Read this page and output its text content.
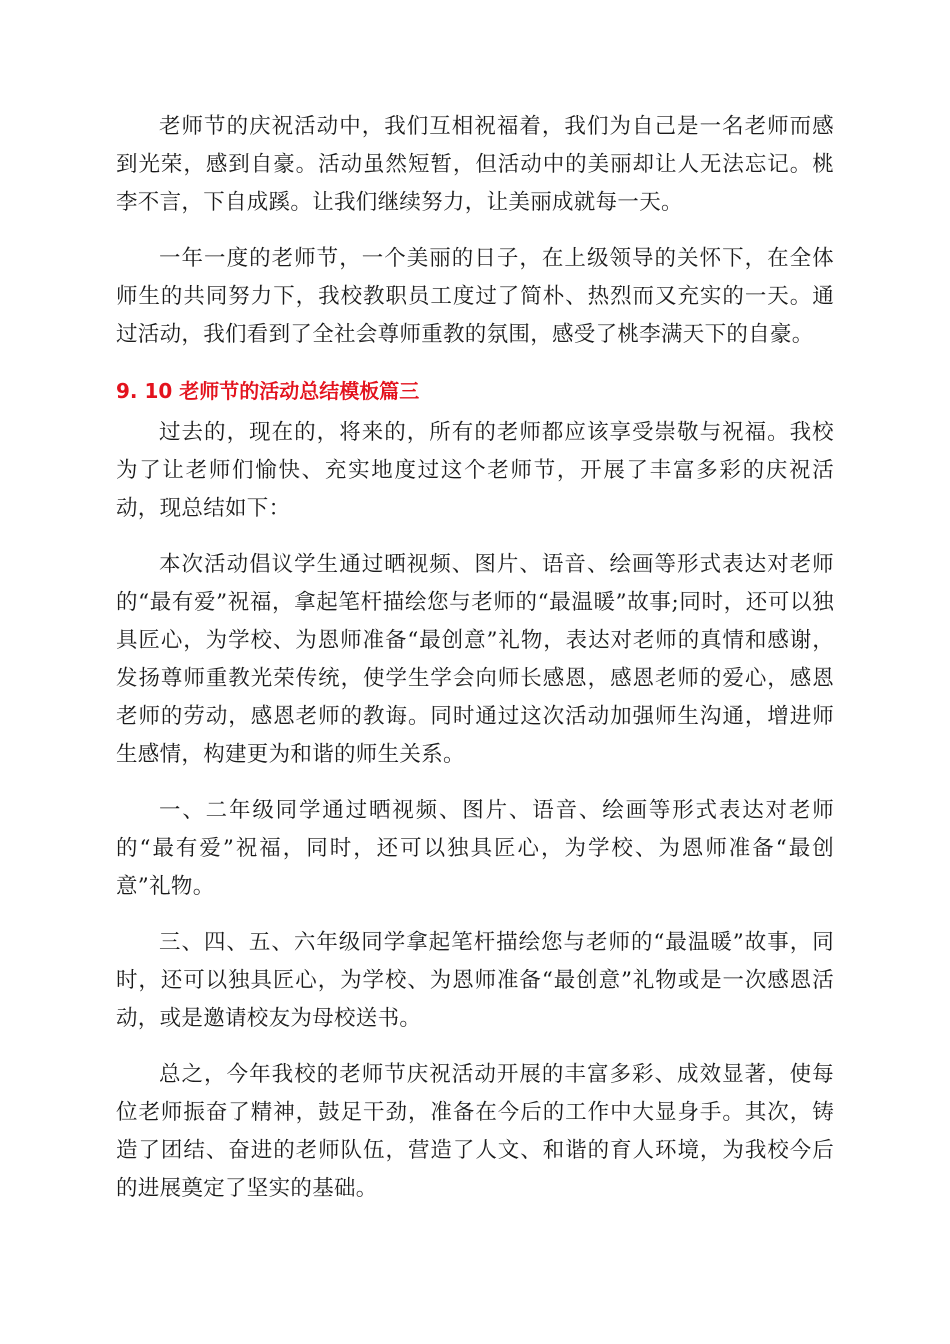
老师节的庆祝活动中，我们互相祝福着，我们为自己是一名老师而感到光荣，感到自豪。活动虽然短暂，但活动中的美丽却让人无法忘记。桃李不言，下自成蹊。让我们继续努力，让美丽成就每一天。

一年一度的老师节，一个美丽的日子，在上级领导的关怀下，在全体师生的共同努力下，我校教职员工度过了简朴、热烈而又充实的一天。通过活动，我们看到了全社会尊师重教的氛围，感受了桃李满天下的自豪。

9. 10 老师节的活动总结模板篇三

过去的，现在的，将来的，所有的老师都应该享受崇敬与祝福。我校为了让老师们愉快、充实地度过这个老师节，开展了丰富多彩的庆祝活动，现总结如下：

本次活动倡议学生通过晒视频、图片、语音、绘画等形式表达对老师的“最有爱”祝福，拿起笔杆描绘您与老师的“最温暖”故事;同时，还可以独具匠心，为学校、为恩师准备“最创意”礼物，表达对老师的真情和感谢，发扬尊师重教光荣传统，使学生学会向师长感恩，感恩老师的爱心，感恩老师的劳动，感恩老师的教诲。同时通过这次活动加强师生沟通，增进师生感情，构建更为和谐的师生关系。

一、二年级同学通过晒视频、图片、语音、绘画等形式表达对老师的“最有爱”祝福，同时，还可以独具匠心，为学校、为恩师准备“最创意”礼物。

三、四、五、六年级同学拿起笔杆描绘您与老师的“最温暖”故事，同时，还可以独具匠心，为学校、为恩师准备“最创意”礼物或是一次感恩活动，或是邀请校友为母校送书。

总之，今年我校的老师节庆祝活动开展的丰富多彩、成效显著，使每位老师振奋了精神，鼓足干劲，准备在今后的工作中大显身手。其次，铸造了团结、奋进的老师队伍，营造了人文、和谐的育人环境，为我校今后的进展奠定了坚实的基础。
